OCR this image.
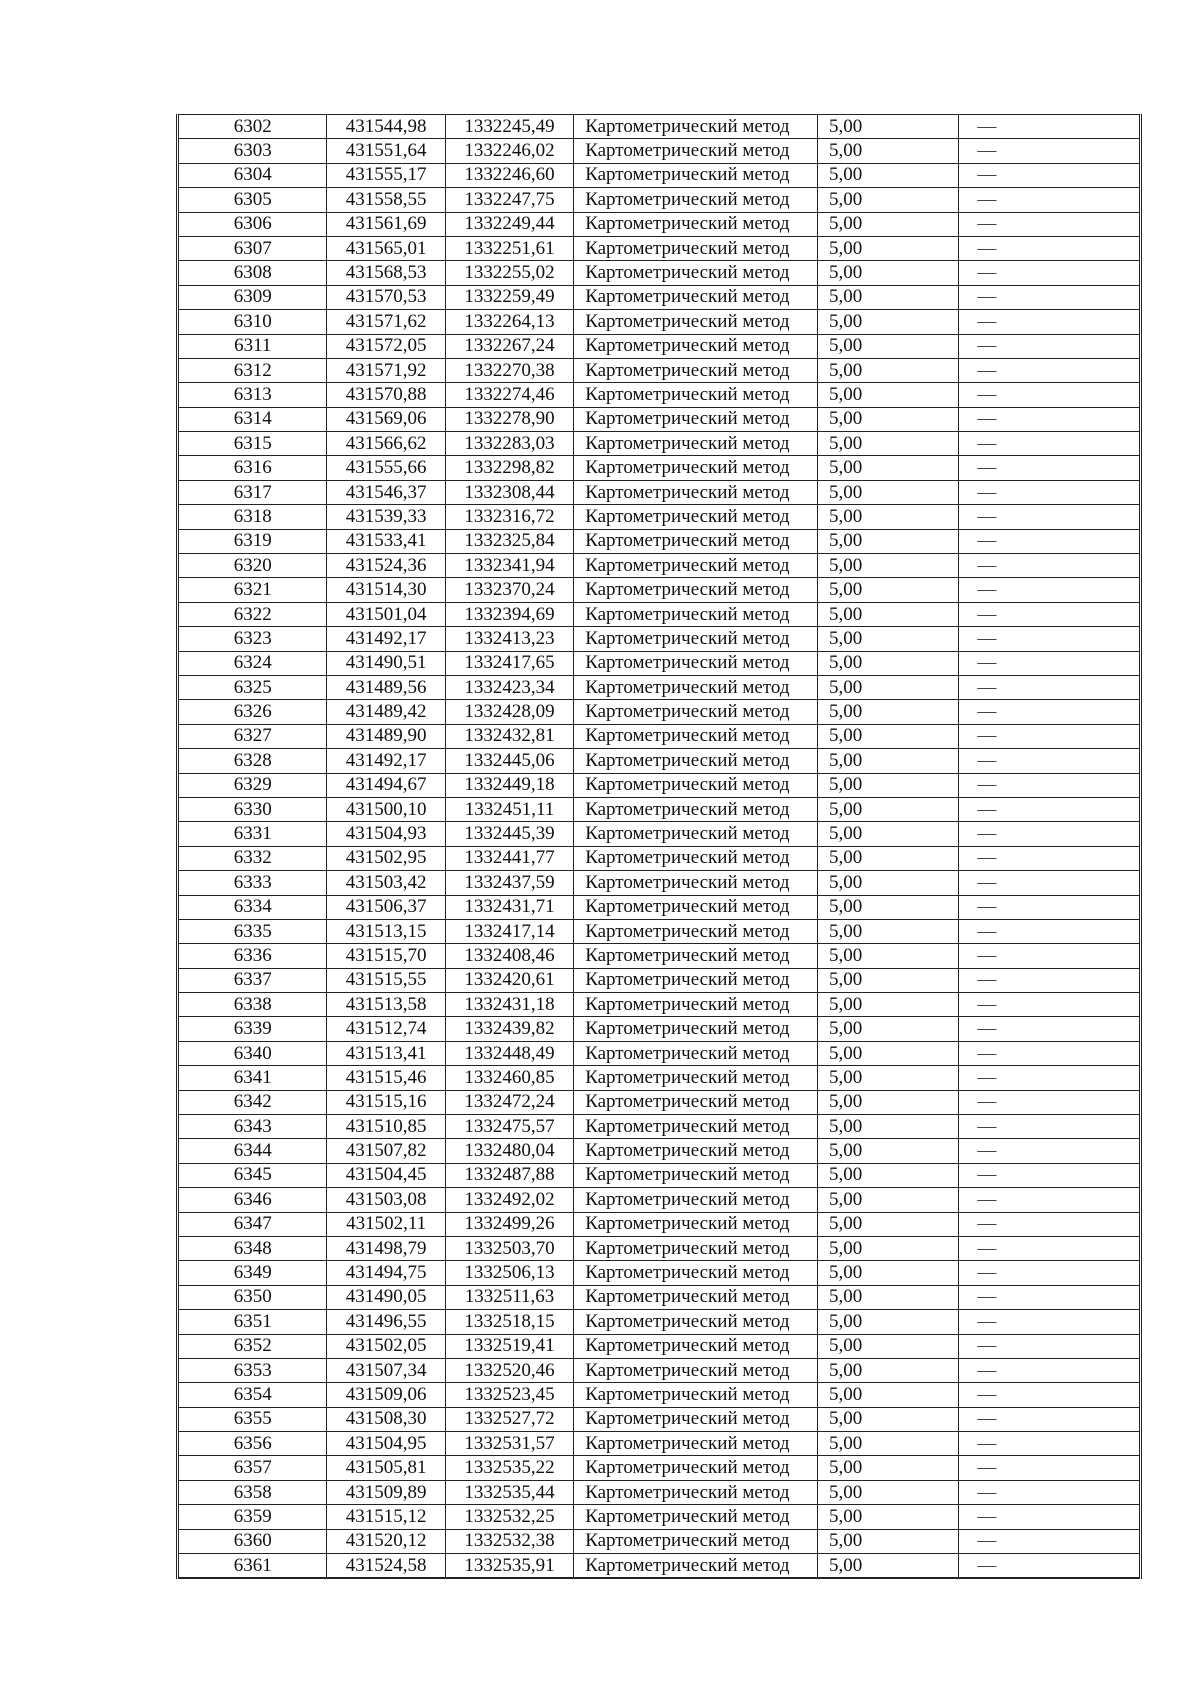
6302	431544,98	1332245,49	Картометрический метод	5,00	—
6303	431551,64	1332246,02	Картометрический метод	5,00	—
6304	431555,17	1332246,60	Картометрический метод	5,00	—
6305	431558,55	1332247,75	Картометрический метод	5,00	—
6306	431561,69	1332249,44	Картометрический метод	5,00	—
6307	431565,01	1332251,61	Картометрический метод	5,00	—
6308	431568,53	1332255,02	Картометрический метод	5,00	—
6309	431570,53	1332259,49	Картометрический метод	5,00	—
6310	431571,62	1332264,13	Картометрический метод	5,00	—
6311	431572,05	1332267,24	Картометрический метод	5,00	—
6312	431571,92	1332270,38	Картометрический метод	5,00	—
6313	431570,88	1332274,46	Картометрический метод	5,00	—
6314	431569,06	1332278,90	Картометрический метод	5,00	—
6315	431566,62	1332283,03	Картометрический метод	5,00	—
6316	431555,66	1332298,82	Картометрический метод	5,00	—
6317	431546,37	1332308,44	Картометрический метод	5,00	—
6318	431539,33	1332316,72	Картометрический метод	5,00	—
6319	431533,41	1332325,84	Картометрический метод	5,00	—
6320	431524,36	1332341,94	Картометрический метод	5,00	—
6321	431514,30	1332370,24	Картометрический метод	5,00	—
6322	431501,04	1332394,69	Картометрический метод	5,00	—
6323	431492,17	1332413,23	Картометрический метод	5,00	—
6324	431490,51	1332417,65	Картометрический метод	5,00	—
6325	431489,56	1332423,34	Картометрический метод	5,00	—
6326	431489,42	1332428,09	Картометрический метод	5,00	—
6327	431489,90	1332432,81	Картометрический метод	5,00	—
6328	431492,17	1332445,06	Картометрический метод	5,00	—
6329	431494,67	1332449,18	Картометрический метод	5,00	—
6330	431500,10	1332451,11	Картометрический метод	5,00	—
6331	431504,93	1332445,39	Картометрический метод	5,00	—
6332	431502,95	1332441,77	Картометрический метод	5,00	—
6333	431503,42	1332437,59	Картометрический метод	5,00	—
6334	431506,37	1332431,71	Картометрический метод	5,00	—
6335	431513,15	1332417,14	Картометрический метод	5,00	—
6336	431515,70	1332408,46	Картометрический метод	5,00	—
6337	431515,55	1332420,61	Картометрический метод	5,00	—
6338	431513,58	1332431,18	Картометрический метод	5,00	—
6339	431512,74	1332439,82	Картометрический метод	5,00	—
6340	431513,41	1332448,49	Картометрический метод	5,00	—
6341	431515,46	1332460,85	Картометрический метод	5,00	—
6342	431515,16	1332472,24	Картометрический метод	5,00	—
6343	431510,85	1332475,57	Картометрический метод	5,00	—
6344	431507,82	1332480,04	Картометрический метод	5,00	—
6345	431504,45	1332487,88	Картометрический метод	5,00	—
6346	431503,08	1332492,02	Картометрический метод	5,00	—
6347	431502,11	1332499,26	Картометрический метод	5,00	—
6348	431498,79	1332503,70	Картометрический метод	5,00	—
6349	431494,75	1332506,13	Картометрический метод	5,00	—
6350	431490,05	1332511,63	Картометрический метод	5,00	—
6351	431496,55	1332518,15	Картометрический метод	5,00	—
6352	431502,05	1332519,41	Картометрический метод	5,00	—
6353	431507,34	1332520,46	Картометрический метод	5,00	—
6354	431509,06	1332523,45	Картометрический метод	5,00	—
6355	431508,30	1332527,72	Картометрический метод	5,00	—
6356	431504,95	1332531,57	Картометрический метод	5,00	—
6357	431505,81	1332535,22	Картометрический метод	5,00	—
6358	431509,89	1332535,44	Картометрический метод	5,00	—
6359	431515,12	1332532,25	Картометрический метод	5,00	—
6360	431520,12	1332532,38	Картометрический метод	5,00	—
6361	431524,58	1332535,91	Картометрический метод	5,00	—
